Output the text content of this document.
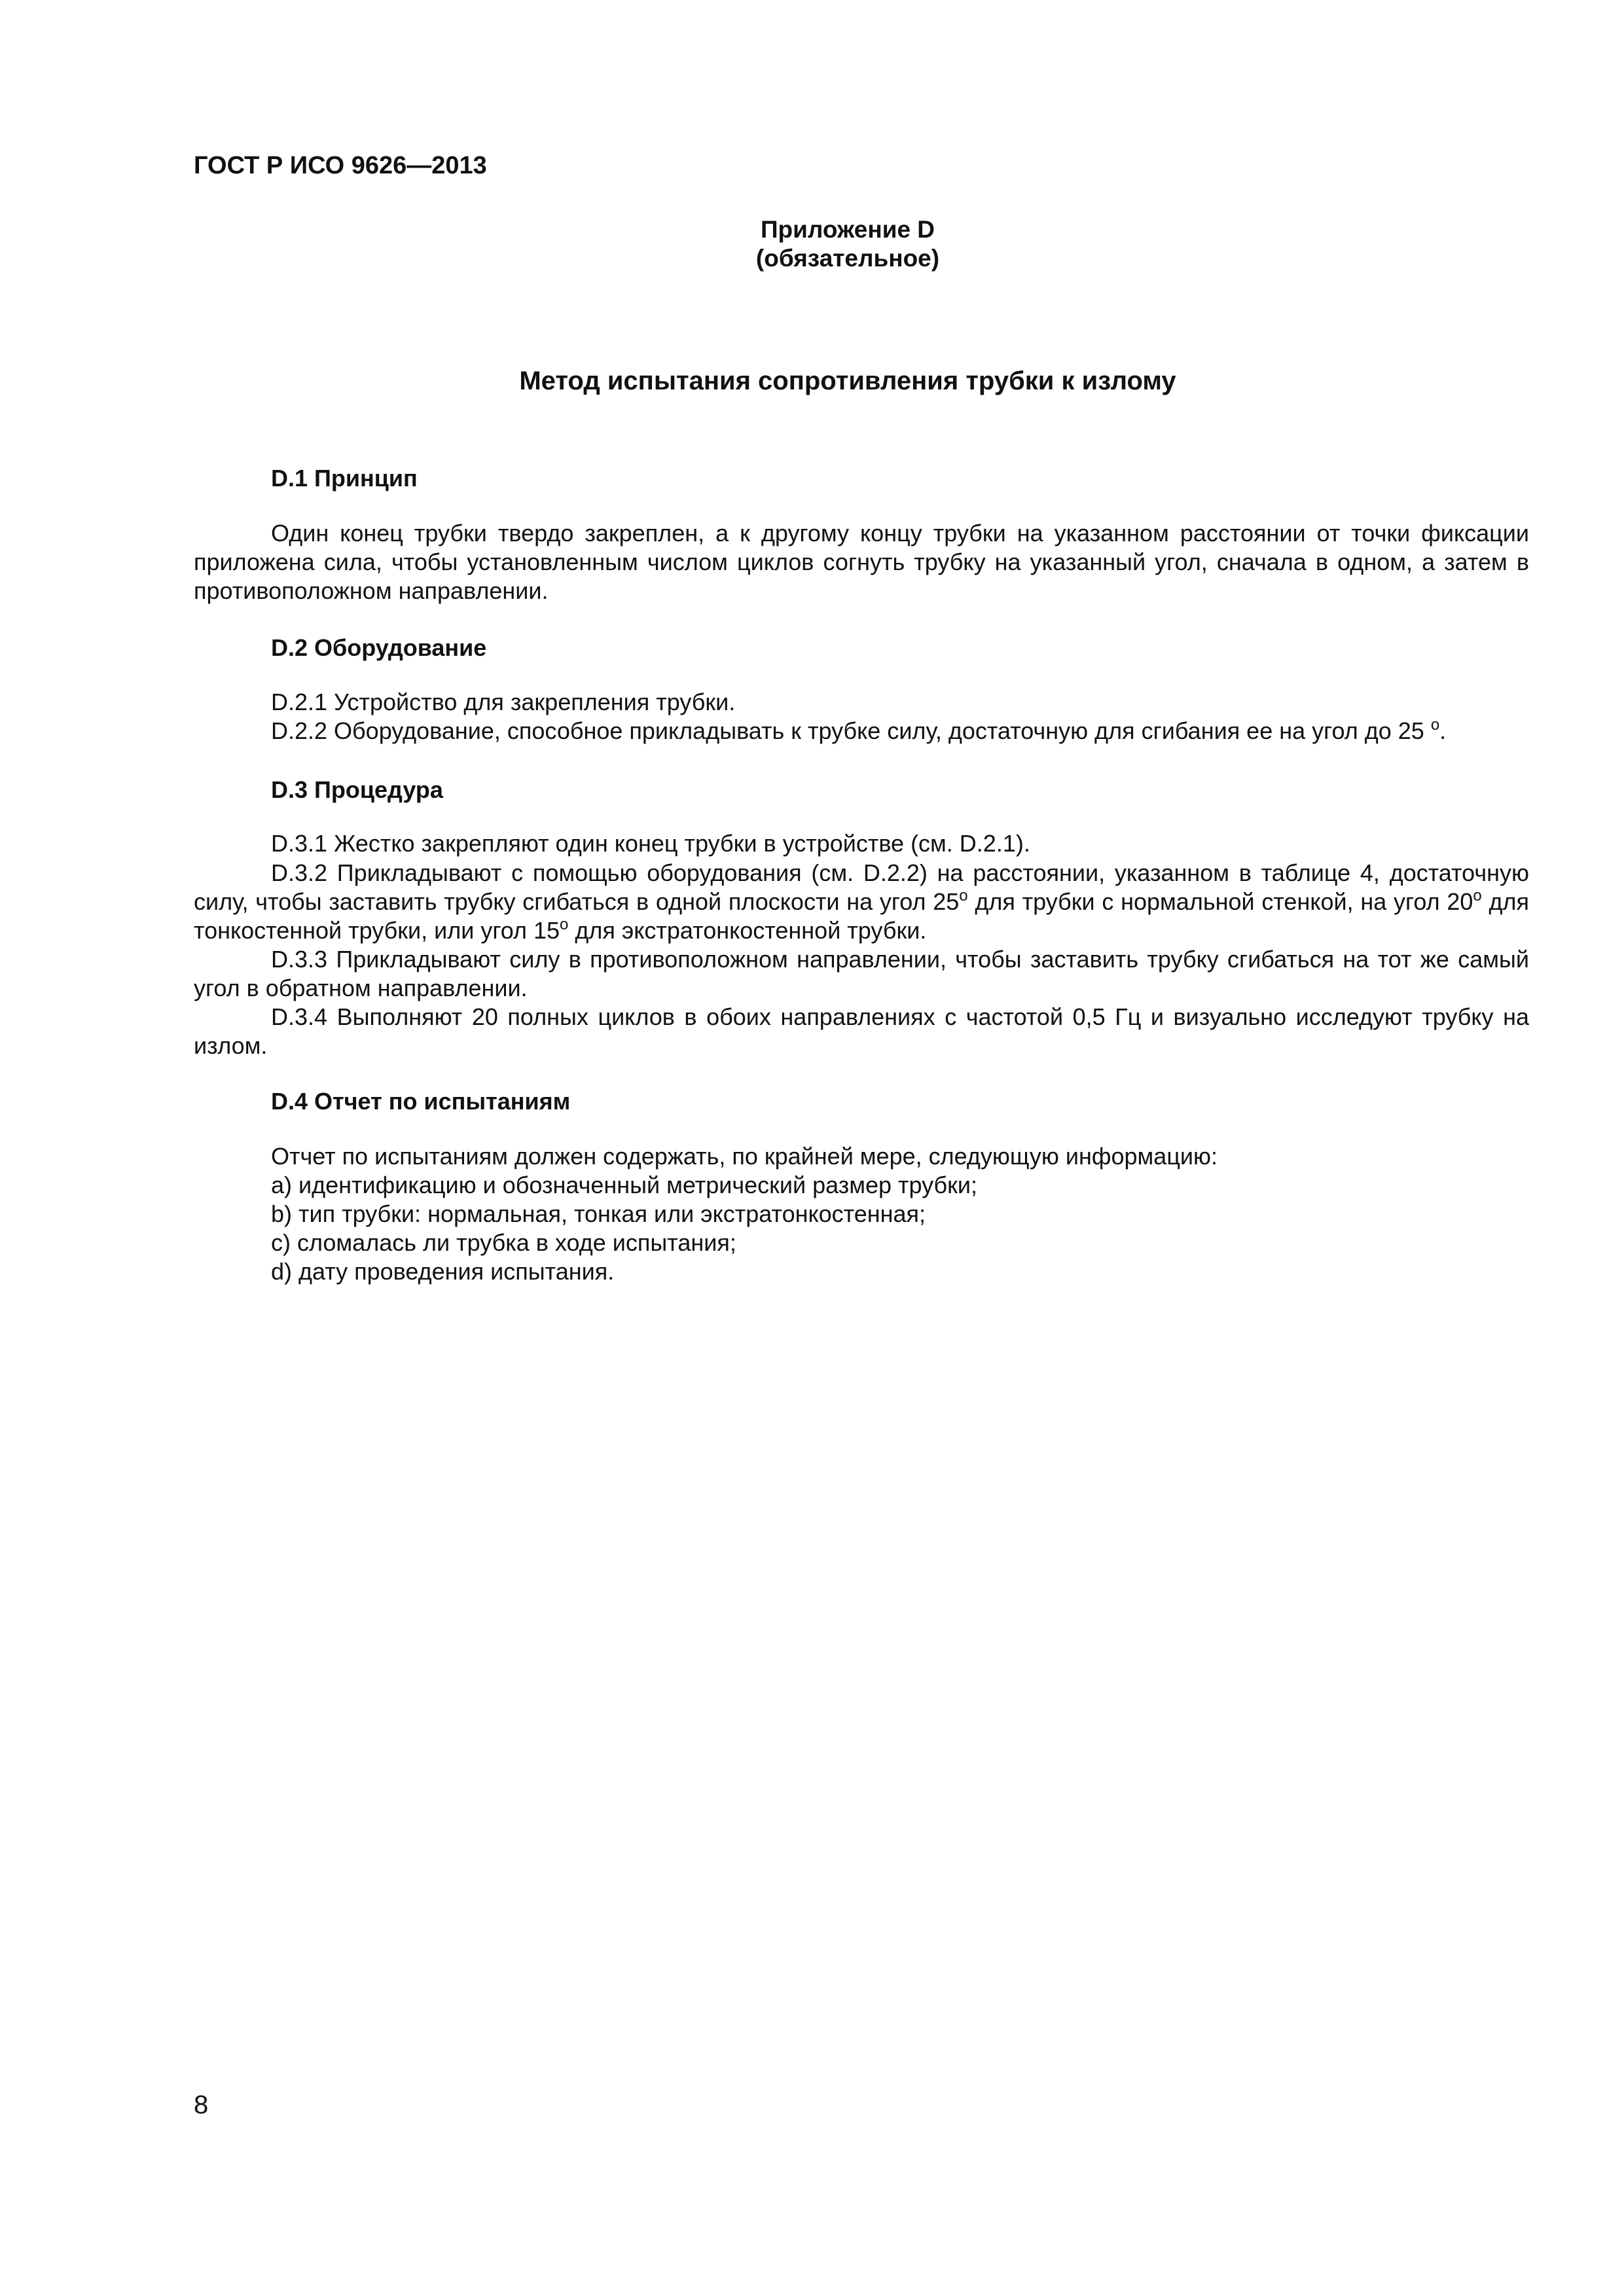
ГОСТ Р ИСО 9626—2013
Приложение D
(обязательное)
Метод испытания сопротивления трубки к излому
D.1 Принцип
Один конец трубки твердо закреплен, а к другому концу трубки на указанном расстоянии от точки фиксации приложена сила, чтобы установленным числом циклов согнуть трубку на указанный угол, сначала в одном, а затем в противоположном направлении.
D.2 Оборудование
D.2.1 Устройство для закрепления трубки.
D.2.2 Оборудование, способное прикладывать к трубке силу, достаточную для сгибания ее на угол до 25 $^o$.
D.3 Процедура
D.3.1 Жестко закрепляют один конец трубки в устройстве (см. D.2.1).
D.3.2 Прикладывают с помощью оборудования (см. D.2.2) на расстоянии, указанном в таблице 4, достаточную силу, чтобы заставить трубку сгибаться в одной плоскости на угол 25$^o$ для трубки с нормальной стенкой, на угол 20$^o$ для тонкостенной трубки, или угол 15$^o$ для экстратонкостенной трубки.
D.3.3 Прикладывают силу в противоположном направлении, чтобы заставить трубку сгибаться на тот же самый угол в обратном направлении.
D.3.4 Выполняют 20 полных циклов в обоих направлениях с частотой 0,5 Гц и визуально исследуют трубку на излом.
D.4 Отчет по испытаниям
Отчет по испытаниям должен содержать, по крайней мере, следующую информацию:
a) идентификацию и обозначенный метрический размер трубки;
b) тип трубки: нормальная, тонкая или экстратонкостенная;
c) сломалась ли трубка в ходе испытания;
d) дату проведения испытания.
8
